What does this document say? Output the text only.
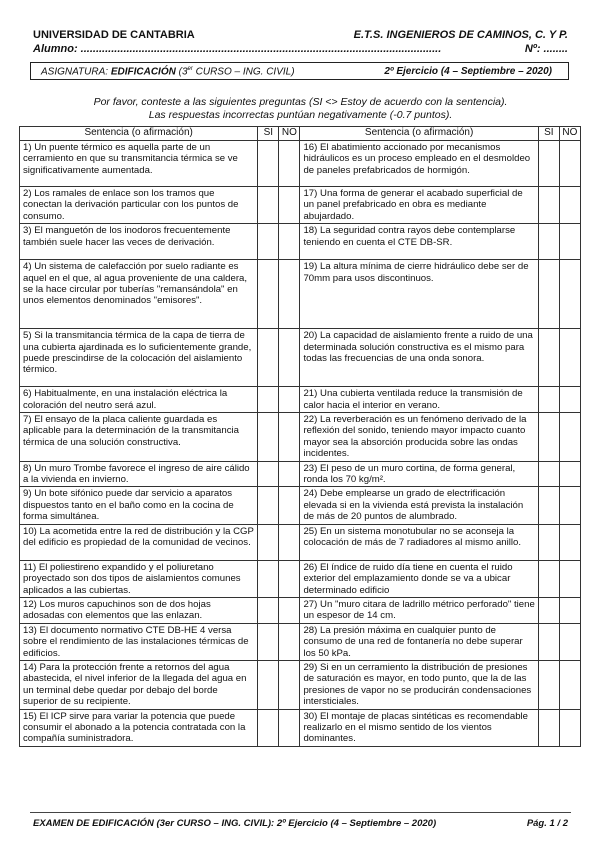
UNIVERSIDAD DE CANTABRIA	E.T.S. INGENIEROS DE CAMINOS, C. Y P.
Alumno: ......................................................................................................................	Nº: ........
ASIGNATURA: EDIFICACIÓN (3er CURSO – ING. CIVIL)	2º Ejercicio (4 – Septiembre – 2020)
Por favor, conteste a las siguientes preguntas (SI <> Estoy de acuerdo con la sentencia).
Las respuestas incorrectas puntúan negativamente (-0.7 puntos).
Sentencia (o afirmación)	SI	NO	Sentencia (o afirmación)	SI	NO
1) Un puente térmico es aquella parte de un cerramiento en que su transmitancia térmica se ve significativamente aumentada.			16) El abatimiento accionado por mecanismos hidráulicos es un proceso empleado en el desmoldeo de paneles prefabricados de hormigón.		
2) Los ramales de enlace son los tramos que conectan la derivación particular con los puntos de consumo.			17) Una forma de generar el acabado superficial de un panel prefabricado en obra es mediante abujardado.		
3) El manguetón de los inodoros frecuentemente también suele hacer las veces de derivación.			18) La seguridad contra rayos debe contemplarse teniendo en cuenta el CTE DB-SR.		
4) Un sistema de calefacción por suelo radiante es aquel en el que, al agua proveniente de una caldera, se la hace circular por tuberías "remansándola" en unos elementos denominados "emisores".			19) La altura mínima de cierre hidráulico debe ser de 70mm para usos discontinuos.		
5) Si la transmitancia térmica de la capa de tierra de una cubierta ajardinada es lo suficientemente grande, puede prescindirse de la colocación del aislamiento térmico.			20) La capacidad de aislamiento frente a ruido de una determinada solución constructiva es el mismo para todas las frecuencias de una onda sonora.		
6) Habitualmente, en una instalación eléctrica la coloración del neutro será azul.			21) Una cubierta ventilada reduce la transmisión de calor hacia el interior en verano.		
7) El ensayo de la placa caliente guardada es aplicable para la determinación de la transmitancia térmica de una solución constructiva.			22) La reverberación es un fenómeno derivado de la reflexión del sonido, teniendo mayor impacto cuanto mayor sea la absorción producida sobre las ondas incidentes.		
8) Un muro Trombe favorece el ingreso de aire cálido a la vivienda en invierno.			23) El peso de un muro cortina, de forma general, ronda los 70 kg/m².		
9) Un bote sifónico puede dar servicio a aparatos dispuestos tanto en el baño como en la cocina de forma simultánea.			24) Debe emplearse un grado de electrificación elevada si en la vivienda está prevista la instalación de más de 20 puntos de alumbrado.		
10) La acometida entre la red de distribución y la CGP del edificio es propiedad de la comunidad de vecinos.			25) En un sistema monotubular no se aconseja la colocación de más de 7 radiadores al mismo anillo.		
11) El poliestireno expandido y el poliuretano proyectado son dos tipos de aislamientos comunes aplicados a las cubiertas.			26) El índice de ruido día tiene en cuenta el ruido exterior del emplazamiento donde se va a ubicar determinado edificio		
12) Los muros capuchinos son de dos hojas adosadas con elementos que las enlazan.			27) Un "muro citara de ladrillo métrico perforado" tiene un espesor de 14 cm.		
13) El documento normativo CTE DB-HE 4 versa sobre el rendimiento de las instalaciones térmicas de edificios.			28) La presión máxima en cualquier punto de consumo de una red de fontanería no debe superar los 50 kPa.		
14) Para la protección frente a retornos del agua abastecida, el nivel inferior de la llegada del agua en un terminal debe quedar por debajo del borde superior de su recipiente.			29) Si en un cerramiento la distribución de presiones de saturación es mayor, en todo punto, que la de las presiones de vapor no se producirán condensaciones intersticiales.		
15) El ICP sirve para variar la potencia que puede consumir el abonado a la potencia contratada con la compañía suministradora.			30) El montaje de placas sintéticas es recomendable realizarlo en el mismo sentido de los vientos dominantes.		
EXAMEN DE EDIFICACIÓN (3er CURSO – ING. CIVIL): 2º Ejercicio (4 – Septiembre – 2020)	Pág. 1 / 2
